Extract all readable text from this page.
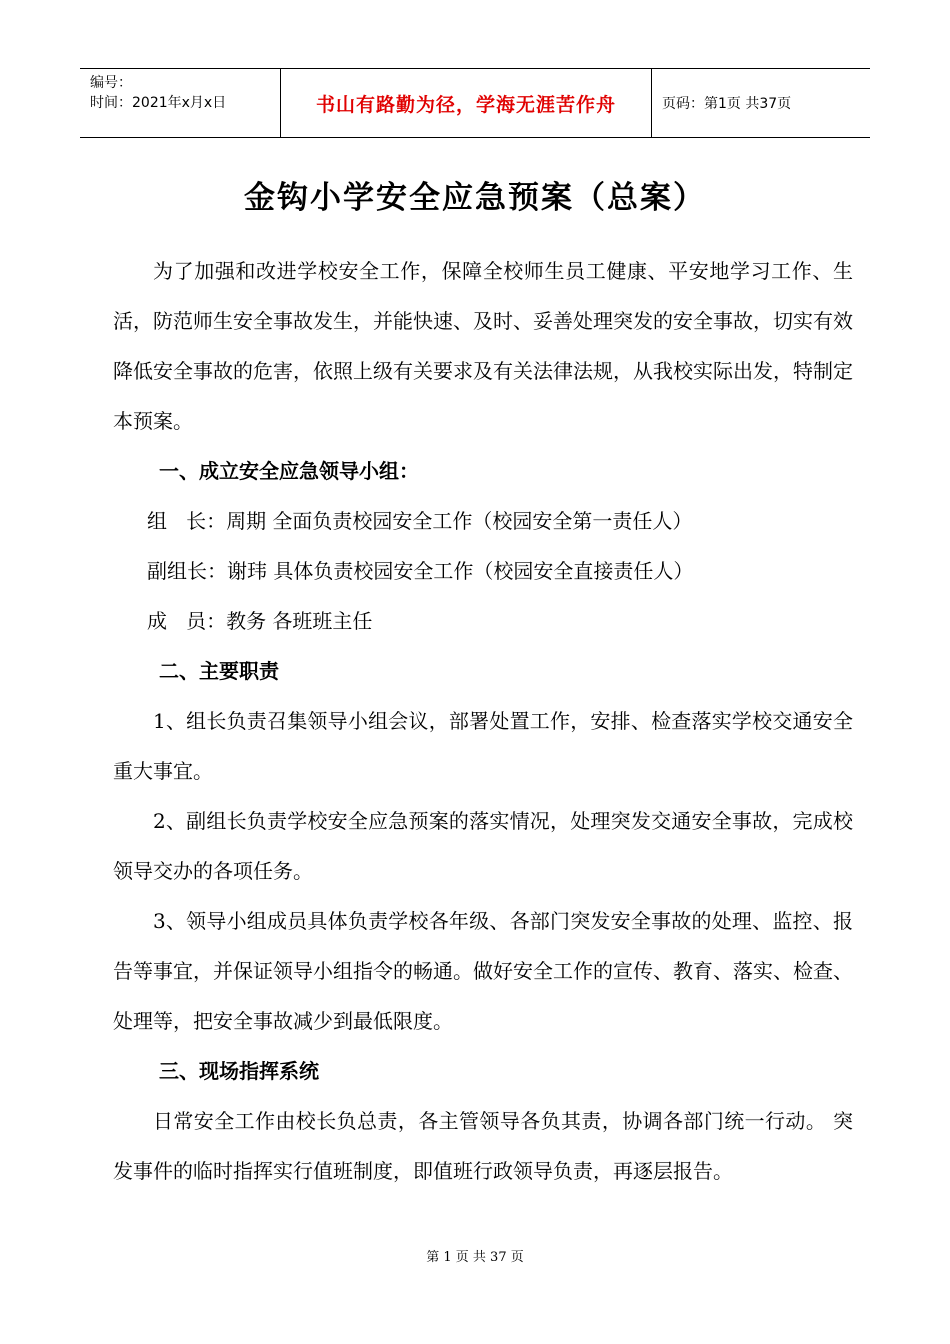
编号：
时间：2021年x月x日	书山有路勤为径，学海无涯苦作舟	页码：第1页 共37页
金钩小学安全应急预案（总案）

为了加强和改进学校安全工作，保障全校师生员工健康、平安地学习工作、生活，防范师生安全事故发生，并能快速、及时、妥善处理突发的安全事故，切实有效降低安全事故的危害，依照上级有关要求及有关法律法规，从我校实际出发，特制定本预案。

一、成立安全应急领导小组：

组   长：周期 全面负责校园安全工作（校园安全第一责任人）

副组长：谢玮 具体负责校园安全工作（校园安全直接责任人）

成   员：教务 各班班主任

二、主要职责

1、组长负责召集领导小组会议，部署处置工作，安排、检查落实学校交通安全重大事宜。

2、副组长负责学校安全应急预案的落实情况，处理突发交通安全事故，完成校领导交办的各项任务。

3、领导小组成员具体负责学校各年级、各部门突发安全事故的处理、监控、报告等事宜，并保证领导小组指令的畅通。做好安全工作的宣传、教育、落实、检查、处理等，把安全事故减少到最低限度。

三、现场指挥系统

日常安全工作由校长负总责，各主管领导各负其责，协调各部门统一行动。 突发事件的临时指挥实行值班制度，即值班行政领导负责，再逐层报告。

第 1 页 共 37 页
